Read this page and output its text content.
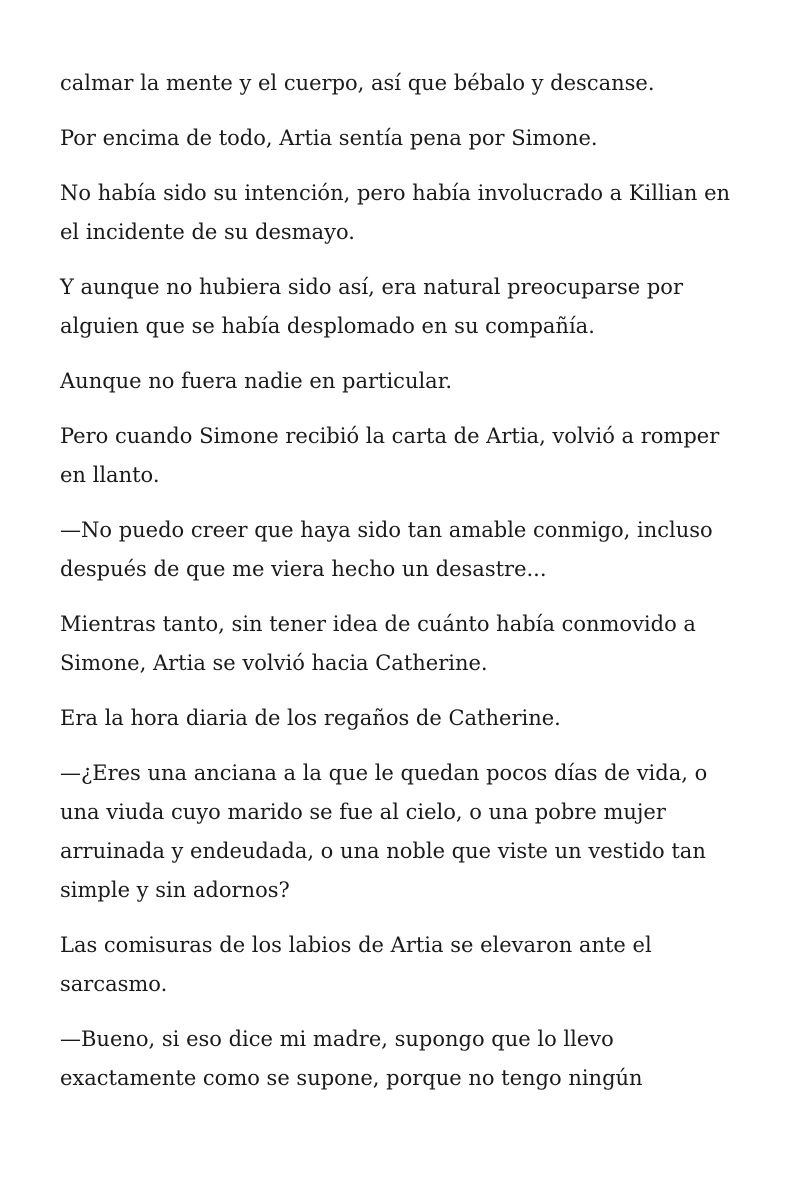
calmar la mente y el cuerpo, así que bébalo y descanse.

Por encima de todo, Artia sentía pena por Simone.

No había sido su intención, pero había involucrado a Killian en el incidente de su desmayo.

Y aunque no hubiera sido así, era natural preocuparse por alguien que se había desplomado en su compañía.

Aunque no fuera nadie en particular.

Pero cuando Simone recibió la carta de Artia, volvió a romper en llanto.

—No puedo creer que haya sido tan amable conmigo, incluso después de que me viera hecho un desastre...

Mientras tanto, sin tener idea de cuánto había conmovido a Simone, Artia se volvió hacia Catherine.

Era la hora diaria de los regaños de Catherine.

—¿Eres una anciana a la que le quedan pocos días de vida, o una viuda cuyo marido se fue al cielo, o una pobre mujer arruinada y endeudada, o una noble que viste un vestido tan simple y sin adornos?

Las comisuras de los labios de Artia se elevaron ante el sarcasmo.

—Bueno, si eso dice mi madre, supongo que lo llevo exactamente como se supone, porque no tengo ningún
